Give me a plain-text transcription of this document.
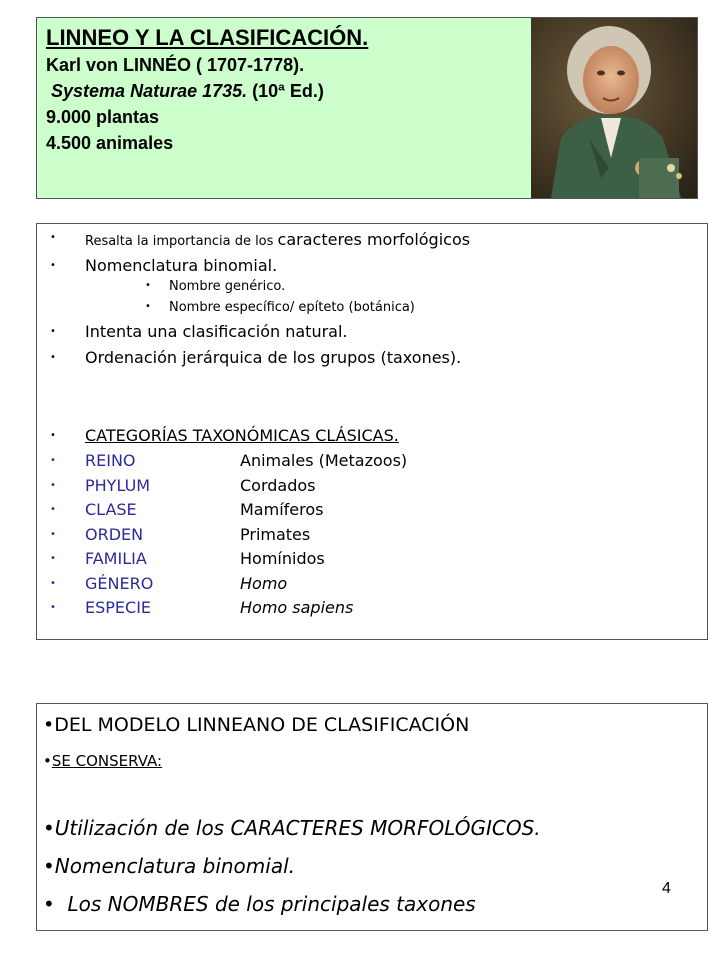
LINNEO Y LA CLASIFICACIÓN.
Karl von LINNÉO ( 1707-1778).
Systema Naturae 1735. (10ª Ed.)
9.000 plantas
4.500 animales
• Resalta la importancia de los caracteres morfológicos
• Nomenclatura binomial.
• Nombre genérico.
• Nombre específico/ epíteto (botánica)
• Intenta una clasificación natural.
• Ordenación jerárquica de los grupos (taxones).
• CATEGORÍAS TAXONÓMICAS CLÁSICAS.
• REINO	Animales (Metazoos)
• PHYLUM	Cordados
• CLASE	Mamíferos
• ORDEN	Primates
• FAMILIA	Homínidos
• GÉNERO	Homo
• ESPECIE	Homo sapiens
•DEL MODELO LINNEANO DE CLASIFICACIÓN
•SE CONSERVA:
•Utilización de los CARACTERES MORFOLÓGICOS.
•Nomenclatura binomial.
•  Los NOMBRES de los principales taxones
4
